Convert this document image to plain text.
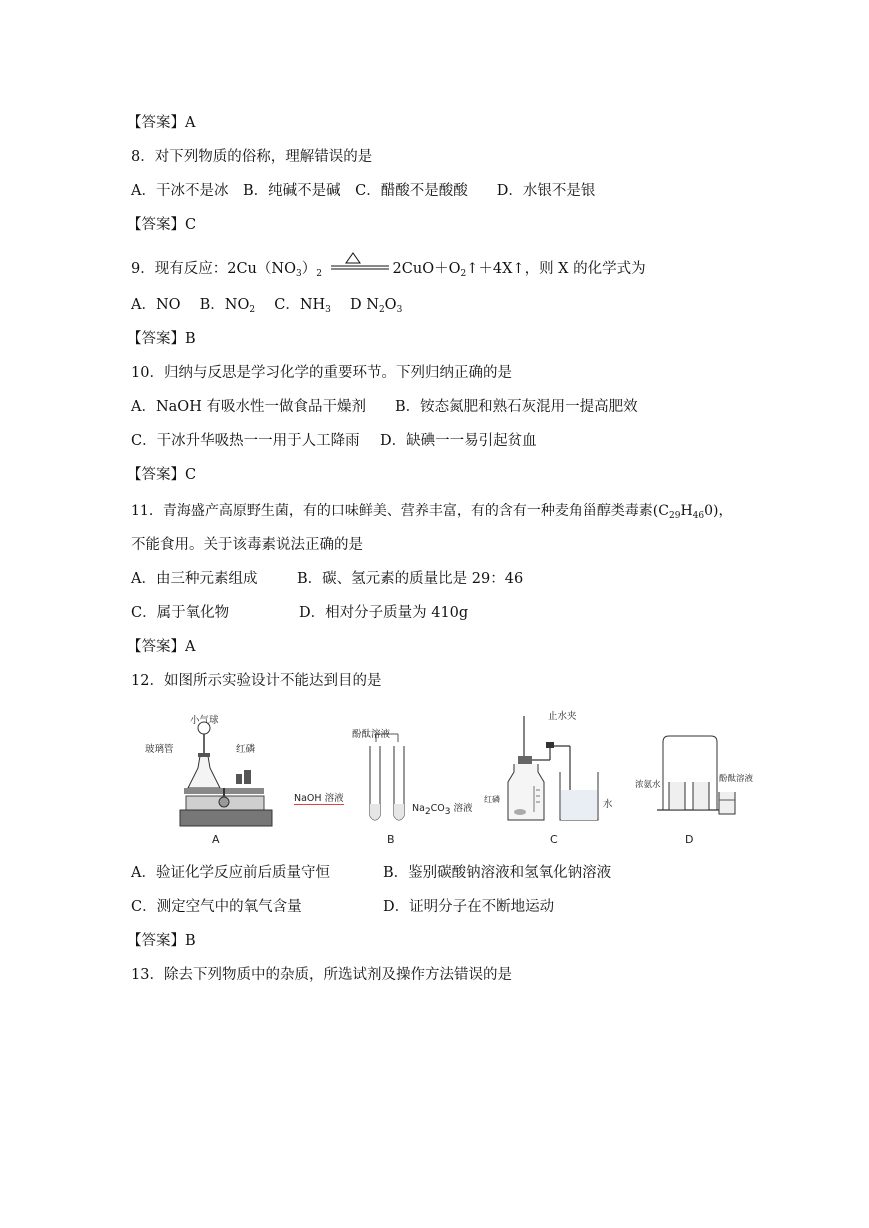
【答案】A
8．对下列物质的俗称，理解错误的是
A．干冰不是冰　B．纯碱不是碱　C．醋酸不是酸酸　　D．水银不是银
【答案】C
9．现有反应：$2Cu(NO_3)_2$	$2CuO+O_2↑+4X↑$，则 X 的化学式为
A．NO　 B．$NO_2$　 C．$NH_3$　 D $N_2O_3$
【答案】B
10．归纳与反思是学习化学的重要环节。下列归纳正确的是
A．NaOH 有吸水性一做食品干燥剂 B．铵态氮肥和熟石灰混用一提高肥效
C．干冰升华吸热一一用于人工降雨 D．缺碘一一易引起贫血
【答案】C
11．青海盛产高原野生菌，有的口味鲜美、营养丰富，有的含有一种麦角甾醇类毒素$(C_{29}H_{46}0)$，
不能食用。关于该毒素说法正确的是
A．由三种元素组成	B．碳、氢元素的质量比是 29：46
C．属于氧化物	D．相对分子质量为 410g
【答案】A
12．如图所示实验设计不能达到目的是
小气球
玻璃管	红磷
A
酚酞溶液
NaOH 溶液
$Na_2CO_3$ 溶液
B
止水夹
红磷	水
C
浓氨水
酚酞溶液
D
A．验证化学反应前后质量守恒	B．鉴别碳酸钠溶液和氢氧化钠溶液
C．测定空气中的氧气含量	D．证明分子在不断地运动
【答案】B
13．除去下列物质中的杂质，所选试剂及操作方法错误的是
